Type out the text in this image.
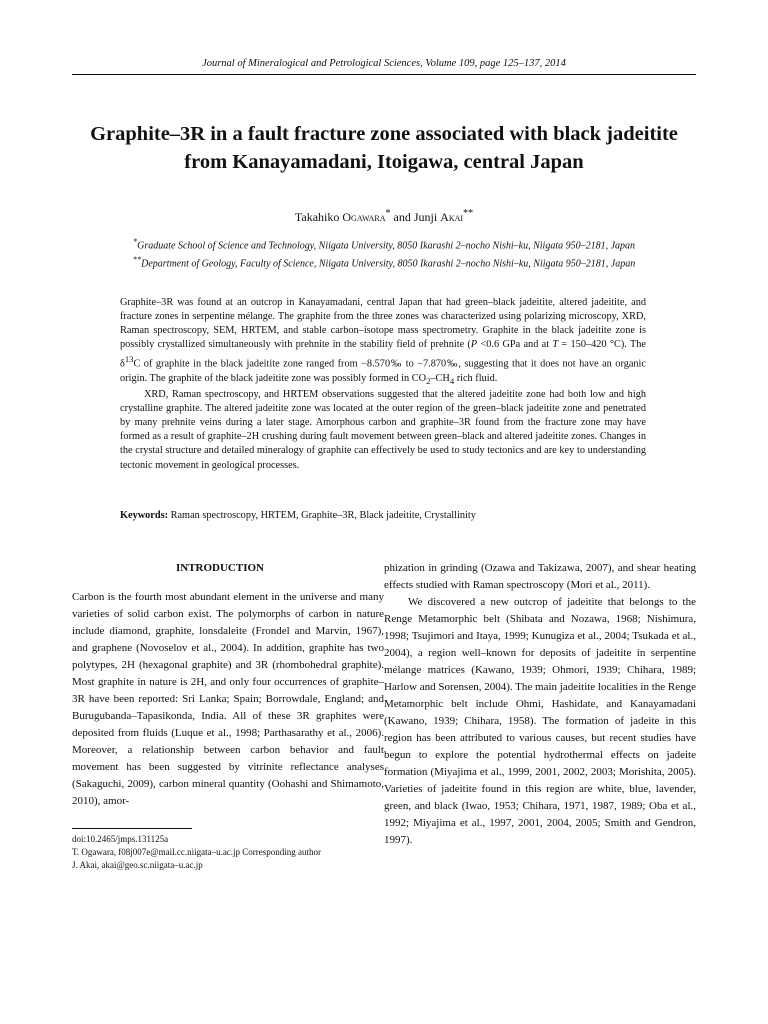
Journal of Mineralogical and Petrological Sciences, Volume 109, page 125–137, 2014
Graphite–3R in a fault fracture zone associated with black jadeitite
from Kanayamadani, Itoigawa, central Japan
Takahiko Ogawara* and Junji Akai**
*Graduate School of Science and Technology, Niigata University, 8050 Ikarashi 2–nocho Nishi–ku, Niigata 950–2181, Japan
**Department of Geology, Faculty of Science, Niigata University, 8050 Ikarashi 2–nocho Nishi–ku, Niigata 950–2181, Japan

Graphite–3R was found at an outcrop in Kanayamadani, central Japan that had green–black jadeitite, altered jadeitite, and fracture zones in serpentine mélange. The graphite from the three zones was characterized using polarizing microscopy, XRD, Raman spectroscopy, SEM, HRTEM, and stable carbon–isotope mass spectrometry. Graphite in the black jadeitite zone is possibly crystallized simultaneously with prehnite in the stability field of prehnite (P <0.6 GPa and at T = 150–420 °C). The $\delta^{13}C$ of graphite in the black jadeitite zone ranged from −8.570‰ to −7.870‰, suggesting that it does not have an organic origin. The graphite of the black jadeitite zone was possibly formed in $CO_2-CH_4$ rich fluid.

XRD, Raman spectroscopy, and HRTEM observations suggested that the altered jadeitite zone had both low and high crystalline graphite. The altered jadeitite zone was located at the outer region of the green–black jadeitite zone and penetrated by many prehnite veins during a later stage. Amorphous carbon and graphite–3R found from the fracture zone may have formed as a result of graphite–2H crushing during fault movement between green–black and altered jadeitite zones. Changes in the crystal structure and detailed mineralogy of graphite can effectively be used to study tectonics and are key to understanding tectonic movement in geological processes.

Keywords: Raman spectroscopy, HRTEM, Graphite–3R, Black jadeitite, Crystallinity
INTRODUCTION

Carbon is the fourth most abundant element in the universe and many varieties of solid carbon exist. The polymorphs of carbon in nature include diamond, graphite, lonsdaleite (Frondel and Marvin, 1967), and graphene (Novoselov et al., 2004). In addition, graphite has two polytypes, 2H (hexagonal graphite) and 3R (rhombohedral graphite). Most graphite in nature is 2H, and only four occurrences of graphite–3R have been reported: Sri Lanka; Spain; Borrowdale, England; and Burugubanda–Tapasikonda, India. All of these 3R graphites were deposited from fluids (Luque et al., 1998; Parthasarathy et al., 2006). Moreover, a relationship between carbon behavior and fault movement has been suggested by vitrinite reflectance analyses (Sakaguchi, 2009), carbon mineral quantity (Oohashi and Shimamoto, 2010), amor-

phization in grinding (Ozawa and Takizawa, 2007), and shear heating effects studied with Raman spectroscopy (Mori et al., 2011).

We discovered a new outcrop of jadeitite that belongs to the Renge Metamorphic belt (Shibata and Nozawa, 1968; Nishimura, 1998; Tsujimori and Itaya, 1999; Kunugiza et al., 2004; Tsukada et al., 2004), a region well–known for deposits of jadeitite in serpentine mélange matrices (Kawano, 1939; Ohmori, 1939; Chihara, 1989; Harlow and Sorensen, 2004). The main jadeitite localities in the Renge Metamorphic belt include Ohmi, Hashidate, and Kanayamadani (Kawano, 1939; Chihara, 1958). The formation of jadeite in this region has been attributed to various causes, but recent studies have begun to explore the potential hydrothermal effects on jadeite formation (Miyajima et al., 1999, 2001, 2002, 2003; Morishita, 2005). Varieties of jadeitite found in this region are white, blue, lavender, green, and black (Iwao, 1953; Chihara, 1971, 1987, 1989; Oba et al., 1992; Miyajima et al., 1997, 2001, 2004, 2005; Smith and Gendron, 1997).

doi:10.2465/jmps.131125a

T. Ogawara, f08j007e@mail.cc.niigata–u.ac.jp Corresponding author

J. Akai, akai@geo.sc.niigata–u.ac.jp
